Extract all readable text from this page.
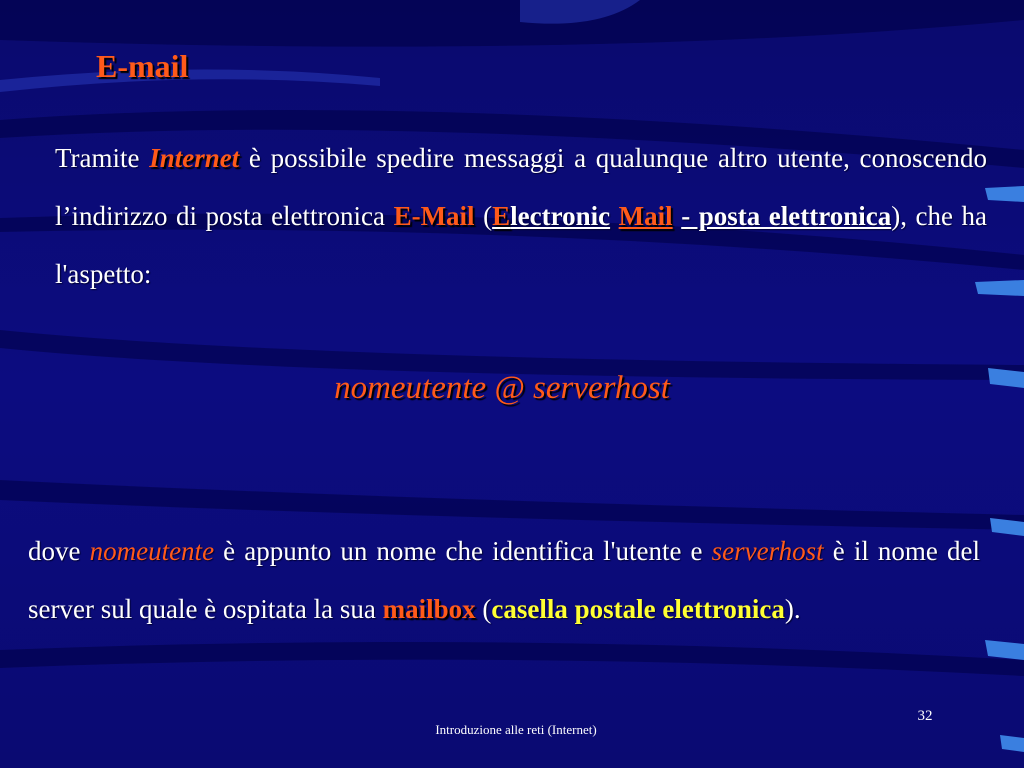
E-mail

Tramite Internet è possibile spedire messaggi a qualunque altro utente, conoscendo l’indirizzo di posta elettronica E-Mail (Electronic Mail - posta elettronica), che ha l'aspetto:

nomeutente @ serverhost

dove nomeutente è appunto un nome che identifica l'utente e serverhost è il nome del server sul quale è ospitata la sua mailbox (casella postale elettronica).

Introduzione alle reti (Internet)
32
